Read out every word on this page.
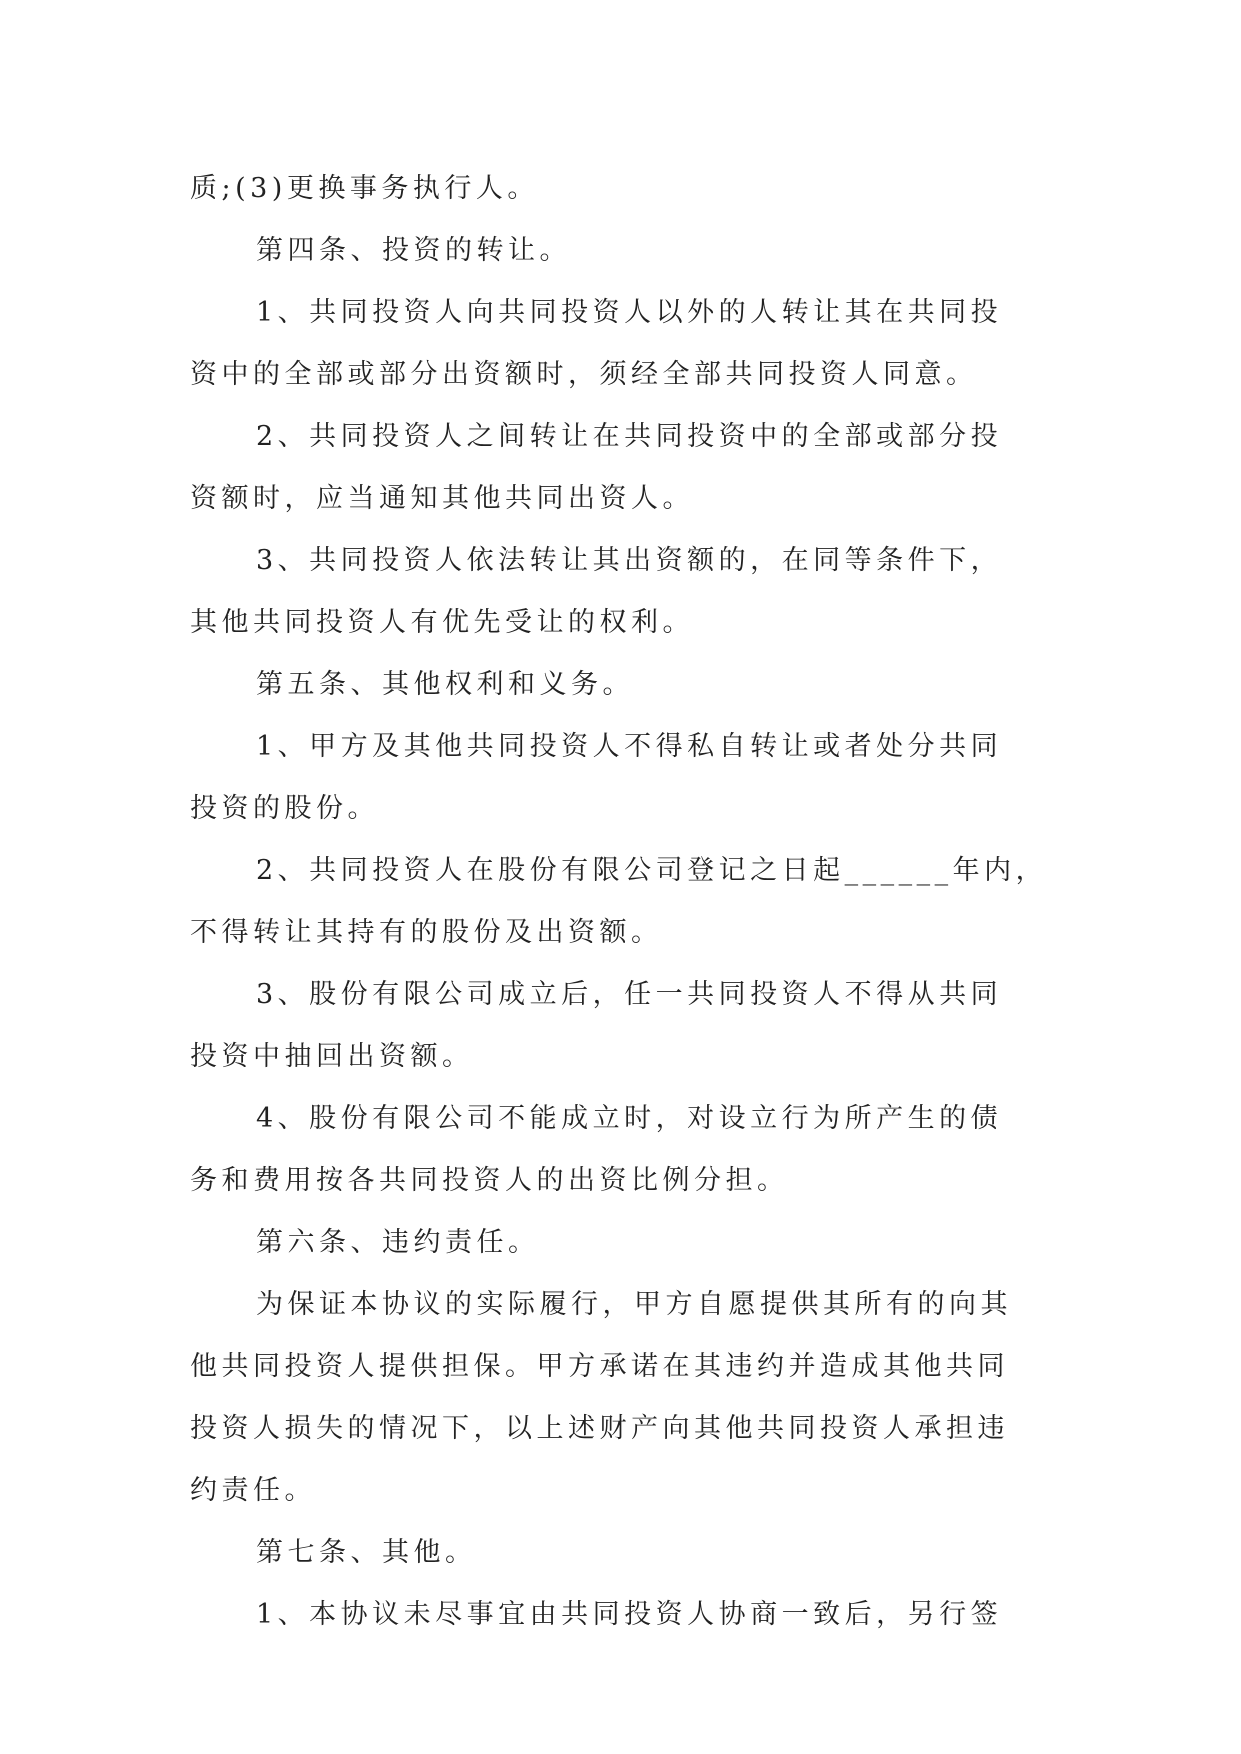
质;(3)更换事务执行人。
第四条、投资的转让。
1、共同投资人向共同投资人以外的人转让其在共同投
资中的全部或部分出资额时，须经全部共同投资人同意。
2、共同投资人之间转让在共同投资中的全部或部分投
资额时，应当通知其他共同出资人。
3、共同投资人依法转让其出资额的，在同等条件下，
其他共同投资人有优先受让的权利。
第五条、其他权利和义务。
1、甲方及其他共同投资人不得私自转让或者处分共同
投资的股份。
2、共同投资人在股份有限公司登记之日起______年内，
不得转让其持有的股份及出资额。
3、股份有限公司成立后，任一共同投资人不得从共同
投资中抽回出资额。
4、股份有限公司不能成立时，对设立行为所产生的债
务和费用按各共同投资人的出资比例分担。
第六条、违约责任。
为保证本协议的实际履行，甲方自愿提供其所有的向其
他共同投资人提供担保。甲方承诺在其违约并造成其他共同
投资人损失的情况下，以上述财产向其他共同投资人承担违
约责任。
第七条、其他。
1、本协议未尽事宜由共同投资人协商一致后，另行签
